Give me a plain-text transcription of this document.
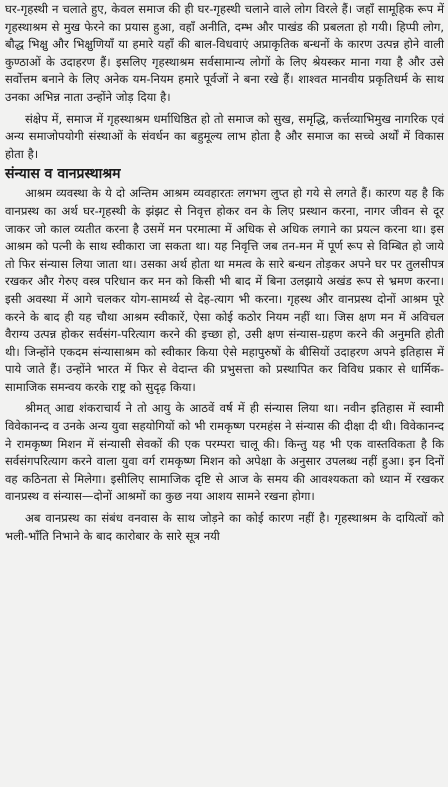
घर-गृहस्थी न चलाते हुए, केवल समाज की ही घर-गृहस्थी चलाने वाले लोग विरले हैं। जहाँ सामूहिक रूप में गृहस्थाश्रम से मुख फेरने का प्रयास हुआ, वहाँ अनीति, दम्भ और पाखंड की प्रबलता हो गयी। हिप्पी लोग, बौद्ध भिक्षु और भिक्षुणियाँ या हमारे यहाँ की बाल-विधवाएं अप्राकृतिक बन्धनों के कारण उत्पन्न होने वाली कुण्ठाओं के उदाहरण हैं। इसलिए गृहस्थाश्रम सर्वसामान्य लोगों के लिए श्रेयस्कर माना गया है और उसे सर्वोत्तम बनाने के लिए अनेक यम-नियम हमारे पूर्वजों ने बना रखे हैं। शाश्वत मानवीय प्रकृतिधर्म के साथ उनका अभिन्न नाता उन्होंने जोड़ दिया है।

संक्षेप में, समाज में गृहस्थाश्रम धर्माधिष्ठित हो तो समाज को सुख, समृद्धि, कर्त्तव्याभिमुख नागरिक एवं अन्य समाजोपयोगी संस्थाओं के संवर्धन का बहुमूल्य लाभ होता है और समाज का सच्चे अर्थों में विकास होता है।

संन्यास व वानप्रस्थाश्रम

आश्रम व्यवस्था के ये दो अन्तिम आश्रम व्यवहारतः लगभग लुप्त हो गये से लगते हैं। कारण यह है कि वानप्रस्थ का अर्थ घर-गृहस्थी के झंझट से निवृत्त होकर वन के लिए प्रस्थान करना, नागर जीवन से दूर जाकर जो काल व्यतीत करना है उसमें मन परमात्मा में अधिक से अधिक लगाने का प्रयत्न करना था। इस आश्रम को पत्नी के साथ स्वीकारा जा सकता था। यह निवृत्ति जब तन-मन में पूर्ण रूप से विम्बित हो जाये तो फिर संन्यास लिया जाता था। उसका अर्थ होता था ममत्व के सारे बन्धन तोड़कर अपने घर पर तुलसीपत्र रखकर और गेरुए वस्त्र परिधान कर मन को किसी भी बाद में बिना उलझाये अखंड रूप से भ्रमण करना। इसी अवस्था में आगे चलकर योग-सामर्थ्य से देह-त्याग भी करना। गृहस्थ और वानप्रस्थ दोनों आश्रम पूरे करने के बाद ही यह चौथा आश्रम स्वीकारें, ऐसा कोई कठोर नियम नहीं था। जिस क्षण मन में अविचल वैराग्य उत्पन्न होकर सर्वसंग-परित्याग करने की इच्छा हो, उसी क्षण संन्यास-ग्रहण करने की अनुमति होती थी। जिन्होंने एकदम संन्यासाश्रम को स्वीकार किया ऐसे महापुरुषों के बीसियों उदाहरण अपने इतिहास में पाये जाते हैं। उन्होंने भारत में फिर से वेदान्त की प्रभुसत्ता को प्रस्थापित कर विविध प्रकार से धार्मिक-सामाजिक समन्वय करके राष्ट्र को सुदृढ़ किया।

श्रीमत् आद्य शंकराचार्य ने तो आयु के आठवें वर्ष में ही संन्यास लिया था। नवीन इतिहास में स्वामी विवेकानन्द व उनके अन्य युवा सहयोगियों को भी रामकृष्ण परमहंस ने संन्यास की दीक्षा दी थी। विवेकानन्द ने रामकृष्ण मिशन में संन्यासी सेवकों की एक परम्परा चालू की। किन्तु यह भी एक वास्तविकता है कि सर्वसंगपरित्याग करने वाला युवा वर्ग रामकृष्ण मिशन को अपेक्षा के अनुसार उपलब्ध नहीं हुआ। इन दिनों वह कठिनता से मिलेगा। इसीलिए सामाजिक दृष्टि से आज के समय की आवश्यकता को ध्यान में रखकर वानप्रस्थ व संन्यास—दोनों आश्रमों का कुछ नया आशय सामने रखना होगा।

अब वानप्रस्थ का संबंध वनवास के साथ जोड़ने का कोई कारण नहीं है। गृहस्थाश्रम के दायित्वों को भली-भाँति निभाने के बाद कारोबार के सारे सूत्र नयी
